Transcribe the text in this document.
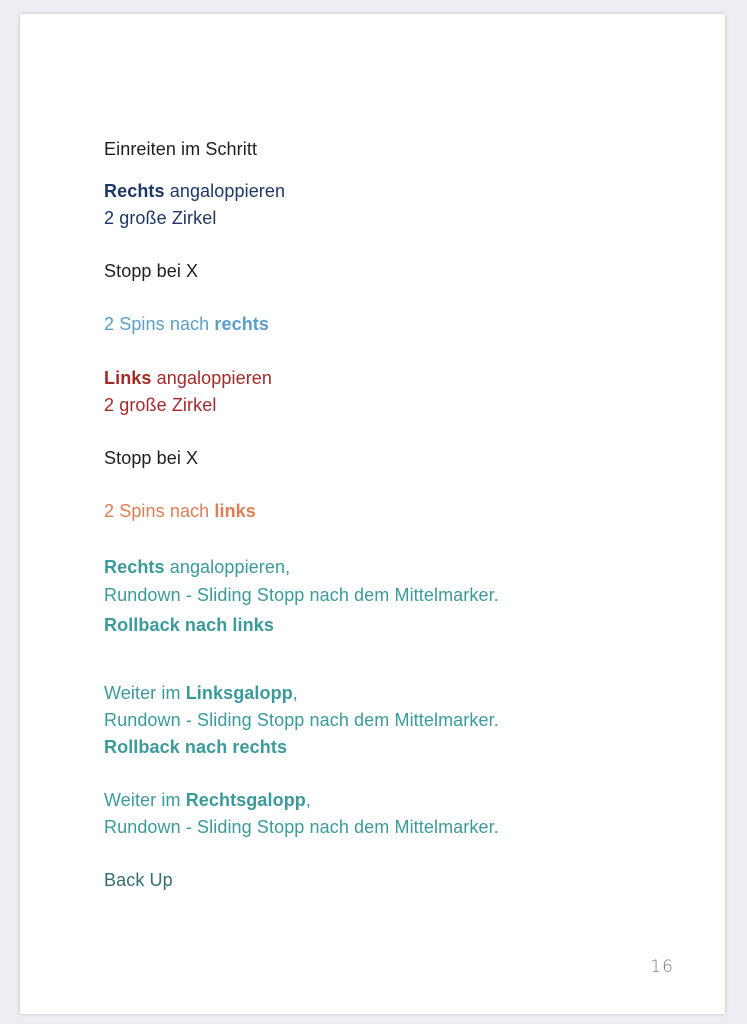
Einreiten im Schritt

Rechts angaloppieren

2 große Zirkel

Stopp bei X

2 Spins nach rechts

Links angaloppieren

2 große Zirkel

Stopp bei X

2 Spins nach links

Rechts angaloppieren,

Rundown - Sliding Stopp nach dem Mittelmarker.

Rollback nach links

Weiter im Linksgalopp,

Rundown - Sliding Stopp nach dem Mittelmarker.

Rollback nach rechts

Weiter im Rechtsgalopp,

Rundown - Sliding Stopp nach dem Mittelmarker.

Back Up

16
